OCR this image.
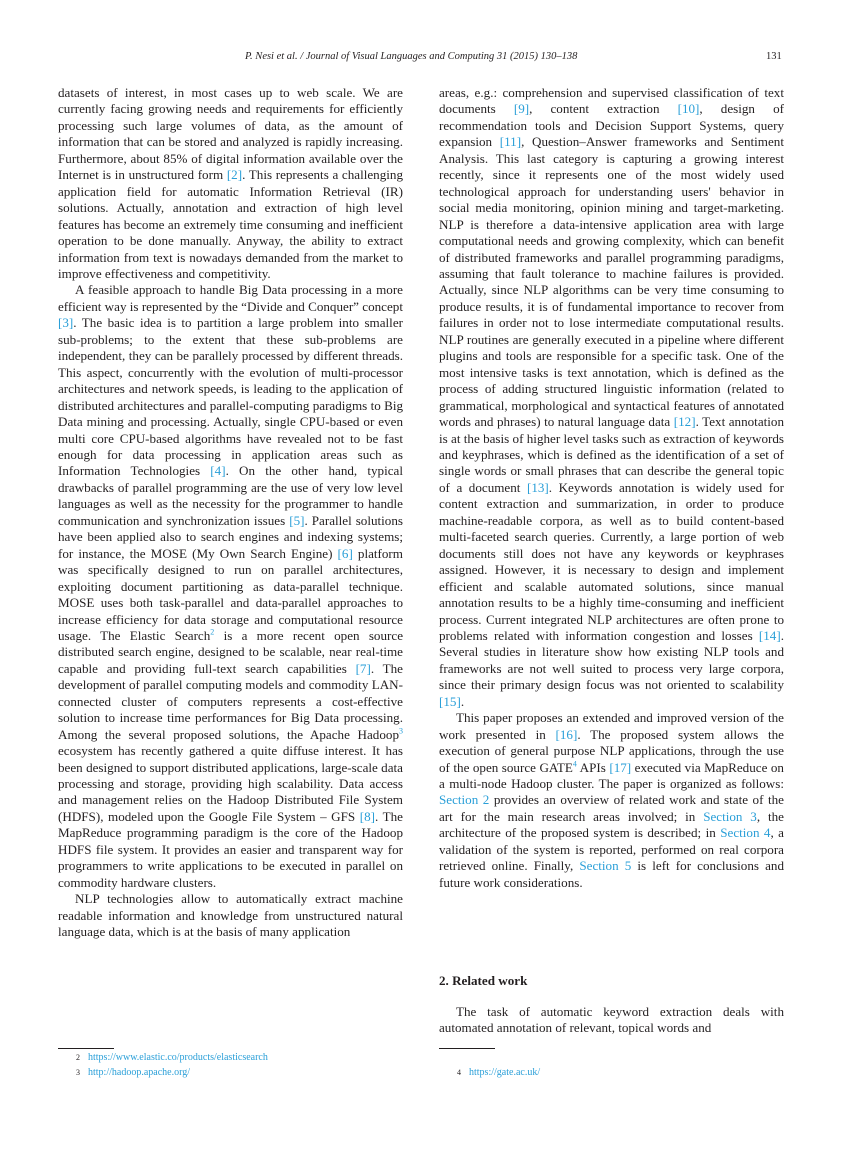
P. Nesi et al. / Journal of Visual Languages and Computing 31 (2015) 130–138	131

datasets of interest, in most cases up to web scale. We are currently facing growing needs and requirements for efficiently processing such large volumes of data, as the amount of information that can be stored and analyzed is rapidly increasing. Furthermore, about 85% of digital information available over the Internet is in unstructured form [2]. This represents a challenging application field for automatic Information Retrieval (IR) solutions. Actually, annotation and extraction of high level features has become an extremely time consuming and inefficient operation to be done manually. Anyway, the ability to extract information from text is nowadays demanded from the market to improve effectiveness and competitivity.

A feasible approach to handle Big Data processing in a more efficient way is represented by the “Divide and Conquer” concept [3]. The basic idea is to partition a large problem into smaller sub-problems; to the extent that these sub-problems are independent, they can be parallely processed by different threads. This aspect, concurrently with the evolution of multi-processor architectures and network speeds, is leading to the application of distributed architectures and parallel-computing paradigms to Big Data mining and processing. Actually, single CPU-based or even multi core CPU-based algorithms have revealed not to be fast enough for data processing in application areas such as Information Technologies [4]. On the other hand, typical drawbacks of parallel programming are the use of very low level languages as well as the necessity for the programmer to handle communication and synchronization issues [5]. Parallel solutions have been applied also to search engines and indexing systems; for instance, the MOSE (My Own Search Engine) [6] platform was specifically designed to run on parallel architectures, exploiting document partitioning as data-parallel technique. MOSE uses both task-parallel and data-parallel approaches to increase efficiency for data storage and computational resource usage. The Elastic Search$^2$ is a more recent open source distributed search engine, designed to be scalable, near real-time capable and providing full-text search capabilities [7]. The development of parallel computing models and commodity LAN-connected cluster of computers represents a cost-effective solution to increase time performances for Big Data processing. Among the several proposed solutions, the Apache Hadoop$^3$ ecosystem has recently gathered a quite diffuse interest. It has been designed to support distributed applications, large-scale data processing and storage, providing high scalability. Data access and management relies on the Hadoop Distributed File System (HDFS), modeled upon the Google File System – GFS [8]. The MapReduce programming paradigm is the core of the Hadoop HDFS file system. It provides an easier and transparent way for programmers to write applications to be executed in parallel on commodity hardware clusters.

NLP technologies allow to automatically extract machine readable information and knowledge from unstructured natural language data, which is at the basis of many application

areas, e.g.: comprehension and supervised classification of text documents [9], content extraction [10], design of recommendation tools and Decision Support Systems, query expansion [11], Question–Answer frameworks and Sentiment Analysis. This last category is capturing a growing interest recently, since it represents one of the most widely used technological approach for understanding users' behavior in social media monitoring, opinion mining and target-marketing. NLP is therefore a data-intensive application area with large computational needs and growing complexity, which can benefit of distributed frameworks and parallel programming paradigms, assuming that fault tolerance to machine failures is provided. Actually, since NLP algorithms can be very time consuming to produce results, it is of fundamental importance to recover from failures in order not to lose intermediate computational results. NLP routines are generally executed in a pipeline where different plugins and tools are responsible for a specific task. One of the most intensive tasks is text annotation, which is defined as the process of adding structured linguistic information (related to grammatical, morphological and syntactical features of annotated words and phrases) to natural language data [12]. Text annotation is at the basis of higher level tasks such as extraction of keywords and keyphrases, which is defined as the identification of a set of single words or small phrases that can describe the general topic of a document [13]. Keywords annotation is widely used for content extraction and summarization, in order to produce machine-readable corpora, as well as to build content-based multi-faceted search queries. Currently, a large portion of web documents still does not have any keywords or keyphrases assigned. However, it is necessary to design and implement efficient and scalable automated solutions, since manual annotation results to be a highly time-consuming and inefficient process. Current integrated NLP architectures are often prone to problems related with information congestion and losses [14]. Several studies in literature show how existing NLP tools and frameworks are not well suited to process very large corpora, since their primary design focus was not oriented to scalability [15].

This paper proposes an extended and improved version of the work presented in [16]. The proposed system allows the execution of general purpose NLP applications, through the use of the open source GATE$^4$ APIs [17] executed via MapReduce on a multi-node Hadoop cluster. The paper is organized as follows: Section 2 provides an overview of related work and state of the art for the main research areas involved; in Section 3, the architecture of the proposed system is described; in Section 4, a validation of the system is reported, performed on real corpora retrieved online. Finally, Section 5 is left for conclusions and future work considerations.

2. Related work

The task of automatic keyword extraction deals with automated annotation of relevant, topical words and

2 https://www.elastic.co/products/elasticsearch
3 http://hadoop.apache.org/	4 https://gate.ac.uk/
